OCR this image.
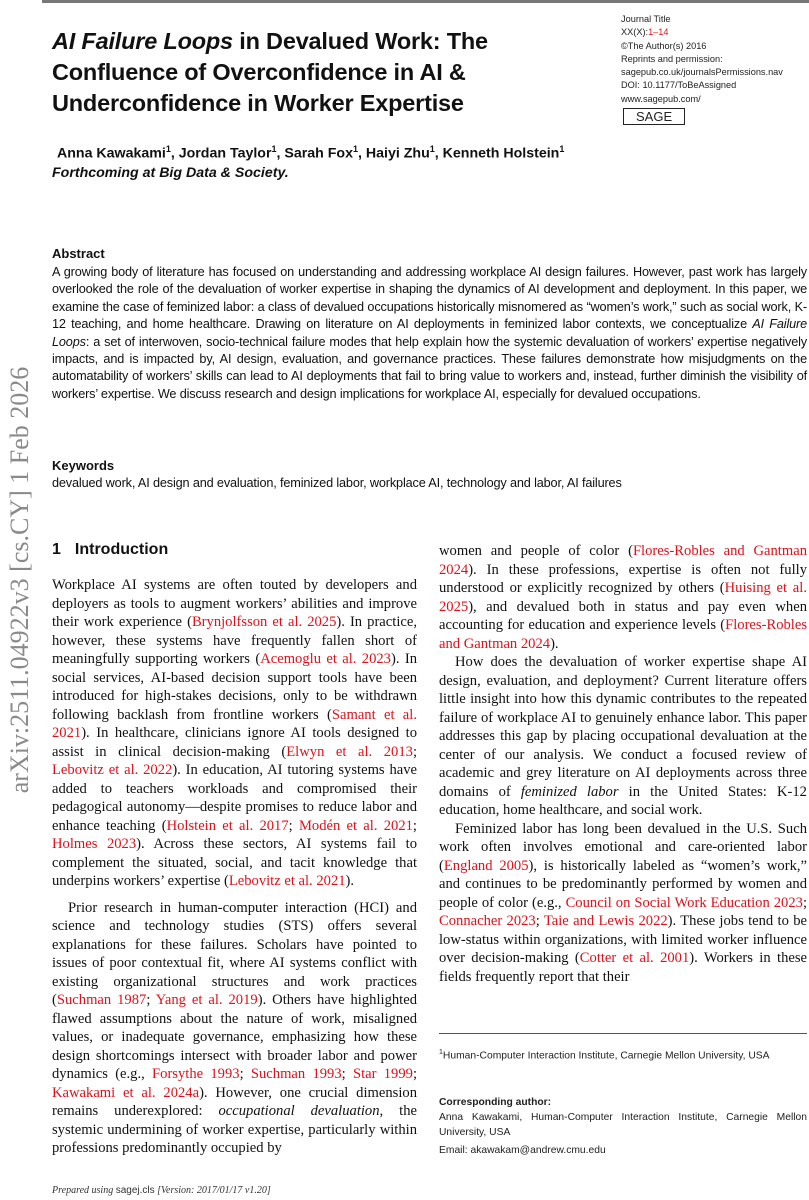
arXiv:2511.04922v3 [cs.CY] 1 Feb 2026
AI Failure Loops in Devalued Work: The Confluence of Overconfidence in AI & Underconfidence in Worker Expertise
Journal Title
XX(X):1–14
©The Author(s) 2016
Reprints and permission:
sagepub.co.uk/journalsPermissions.nav
DOI: 10.1177/ToBeAssigned
www.sagepub.com/
SAGE
Anna Kawakami$^1$, Jordan Taylor$^1$, Sarah Fox$^1$, Haiyi Zhu$^1$, Kenneth Holstein$^1$
Forthcoming at Big Data & Society.
Abstract
A growing body of literature has focused on understanding and addressing workplace AI design failures. However, past work has largely overlooked the role of the devaluation of worker expertise in shaping the dynamics of AI development and deployment. In this paper, we examine the case of feminized labor: a class of devalued occupations historically misnomered as “women’s work,” such as social work, K-12 teaching, and home healthcare. Drawing on literature on AI deployments in feminized labor contexts, we conceptualize AI Failure Loops: a set of interwoven, socio-technical failure modes that help explain how the systemic devaluation of workers’ expertise negatively impacts, and is impacted by, AI design, evaluation, and governance practices. These failures demonstrate how misjudgments on the automatability of workers’ skills can lead to AI deployments that fail to bring value to workers and, instead, further diminish the visibility of workers’ expertise. We discuss research and design implications for workplace AI, especially for devalued occupations.
Keywords
devalued work, AI design and evaluation, feminized labor, workplace AI, technology and labor, AI failures
1 Introduction

Workplace AI systems are often touted by developers and deployers as tools to augment workers’ abilities and improve their work experience (Brynjolfsson et al. 2025). In practice, however, these systems have frequently fallen short of meaningfully supporting workers (Acemoglu et al. 2023). In social services, AI-based decision support tools have been introduced for high-stakes decisions, only to be withdrawn following backlash from frontline workers (Samant et al. 2021). In healthcare, clinicians ignore AI tools designed to assist in clinical decision-making (Elwyn et al. 2013; Lebovitz et al. 2022). In education, AI tutoring systems have added to teachers workloads and compromised their pedagogical autonomy—despite promises to reduce labor and enhance teaching (Holstein et al. 2017; Modén et al. 2021; Holmes 2023). Across these sectors, AI systems fail to complement the situated, social, and tacit knowledge that underpins workers’ expertise (Lebovitz et al. 2021).

Prior research in human-computer interaction (HCI) and science and technology studies (STS) offers several explanations for these failures. Scholars have pointed to issues of poor contextual fit, where AI systems conflict with existing organizational structures and work practices (Suchman 1987; Yang et al. 2019). Others have highlighted flawed assumptions about the nature of work, misaligned values, or inadequate governance, emphasizing how these design shortcomings intersect with broader labor and power dynamics (e.g., Forsythe 1993; Suchman 1993; Star 1999; Kawakami et al. 2024a). However, one crucial dimension remains underexplored: occupational devaluation, the systemic undermining of worker expertise, particularly within professions predominantly occupied by

women and people of color (Flores-Robles and Gantman 2024). In these professions, expertise is often not fully understood or explicitly recognized by others (Huising et al. 2025), and devalued both in status and pay even when accounting for education and experience levels (Flores-Robles and Gantman 2024).

How does the devaluation of worker expertise shape AI design, evaluation, and deployment? Current literature offers little insight into how this dynamic contributes to the repeated failure of workplace AI to genuinely enhance labor. This paper addresses this gap by placing occupational devaluation at the center of our analysis. We conduct a focused review of academic and grey literature on AI deployments across three domains of feminized labor in the United States: K-12 education, home healthcare, and social work.

Feminized labor has long been devalued in the U.S. Such work often involves emotional and care-oriented labor (England 2005), is historically labeled as “women’s work,” and continues to be predominantly performed by women and people of color (e.g., Council on Social Work Education 2023; Connacher 2023; Taie and Lewis 2022). These jobs tend to be low-status within organizations, with limited worker influence over decision-making (Cotter et al. 2001). Workers in these fields frequently report that their

$^1$Human-Computer Interaction Institute, Carnegie Mellon University, USA
Corresponding author:
Anna Kawakami, Human-Computer Interaction Institute, Carnegie Mellon University, USA
Email: akawakam@andrew.cmu.edu
Prepared using sagej.cls [Version: 2017/01/17 v1.20]
